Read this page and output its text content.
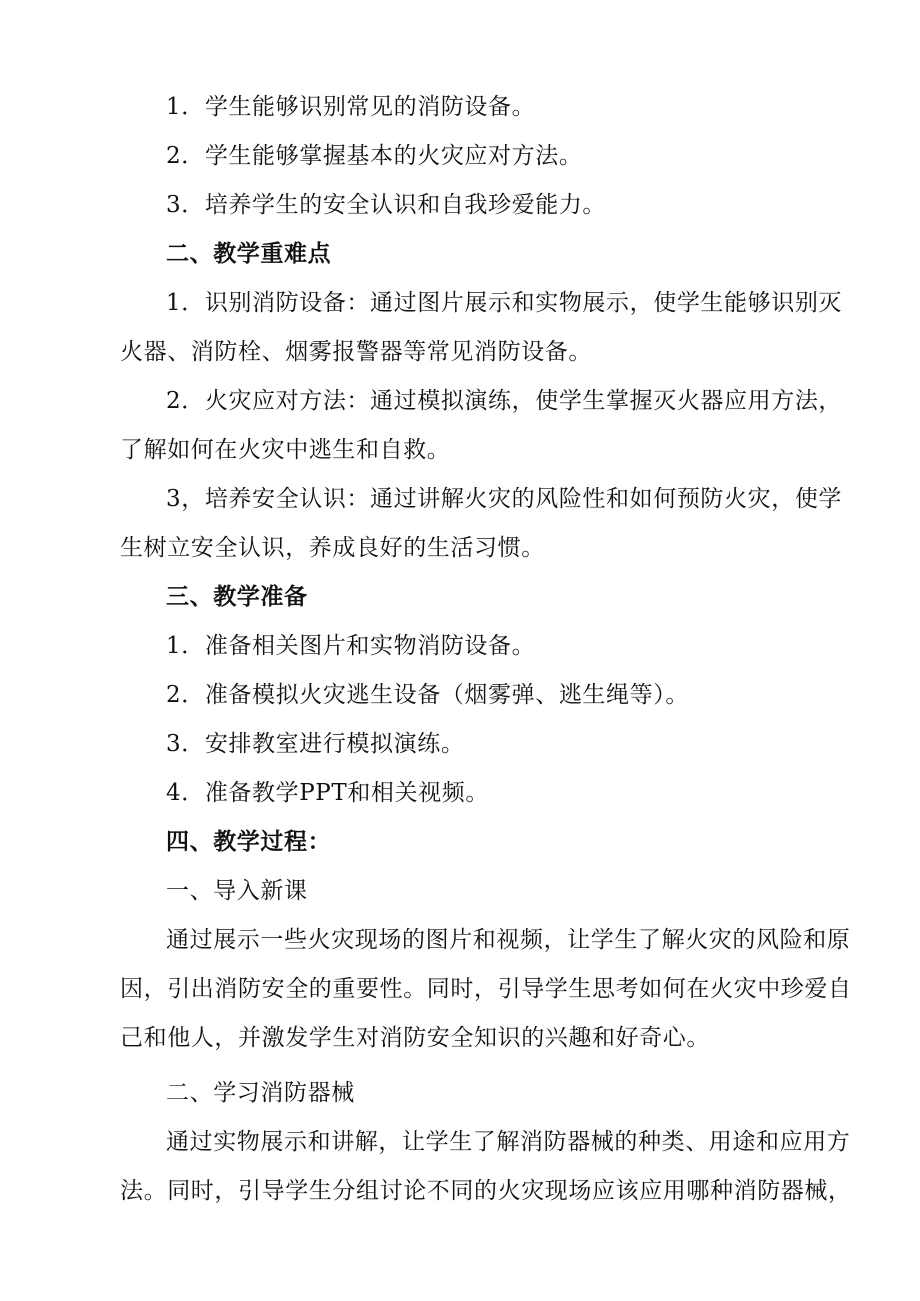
1．学生能够识别常见的消防设备。
2．学生能够掌握基本的火灾应对方法。
3．培养学生的安全认识和自我珍爱能力。
二、教学重难点
1．识别消防设备：通过图片展示和实物展示，使学生能够识别灭
火器、消防栓、烟雾报警器等常见消防设备。
2．火灾应对方法：通过模拟演练，使学生掌握灭火器应用方法，
了解如何在火灾中逃生和自救。
3，培养安全认识：通过讲解火灾的风险性和如何预防火灾，使学
生树立安全认识，养成良好的生活习惯。
三、教学准备
1．准备相关图片和实物消防设备。
2．准备模拟火灾逃生设备（烟雾弹、逃生绳等）。
3．安排教室进行模拟演练。
4．准备教学PPT和相关视频。
四、教学过程：
一、导入新课
通过展示一些火灾现场的图片和视频，让学生了解火灾的风险和原
因，引出消防安全的重要性。同时，引导学生思考如何在火灾中珍爱自
己和他人，并激发学生对消防安全知识的兴趣和好奇心。
二、学习消防器械
通过实物展示和讲解，让学生了解消防器械的种类、用途和应用方
法。同时，引导学生分组讨论不同的火灾现场应该应用哪种消防器械，
